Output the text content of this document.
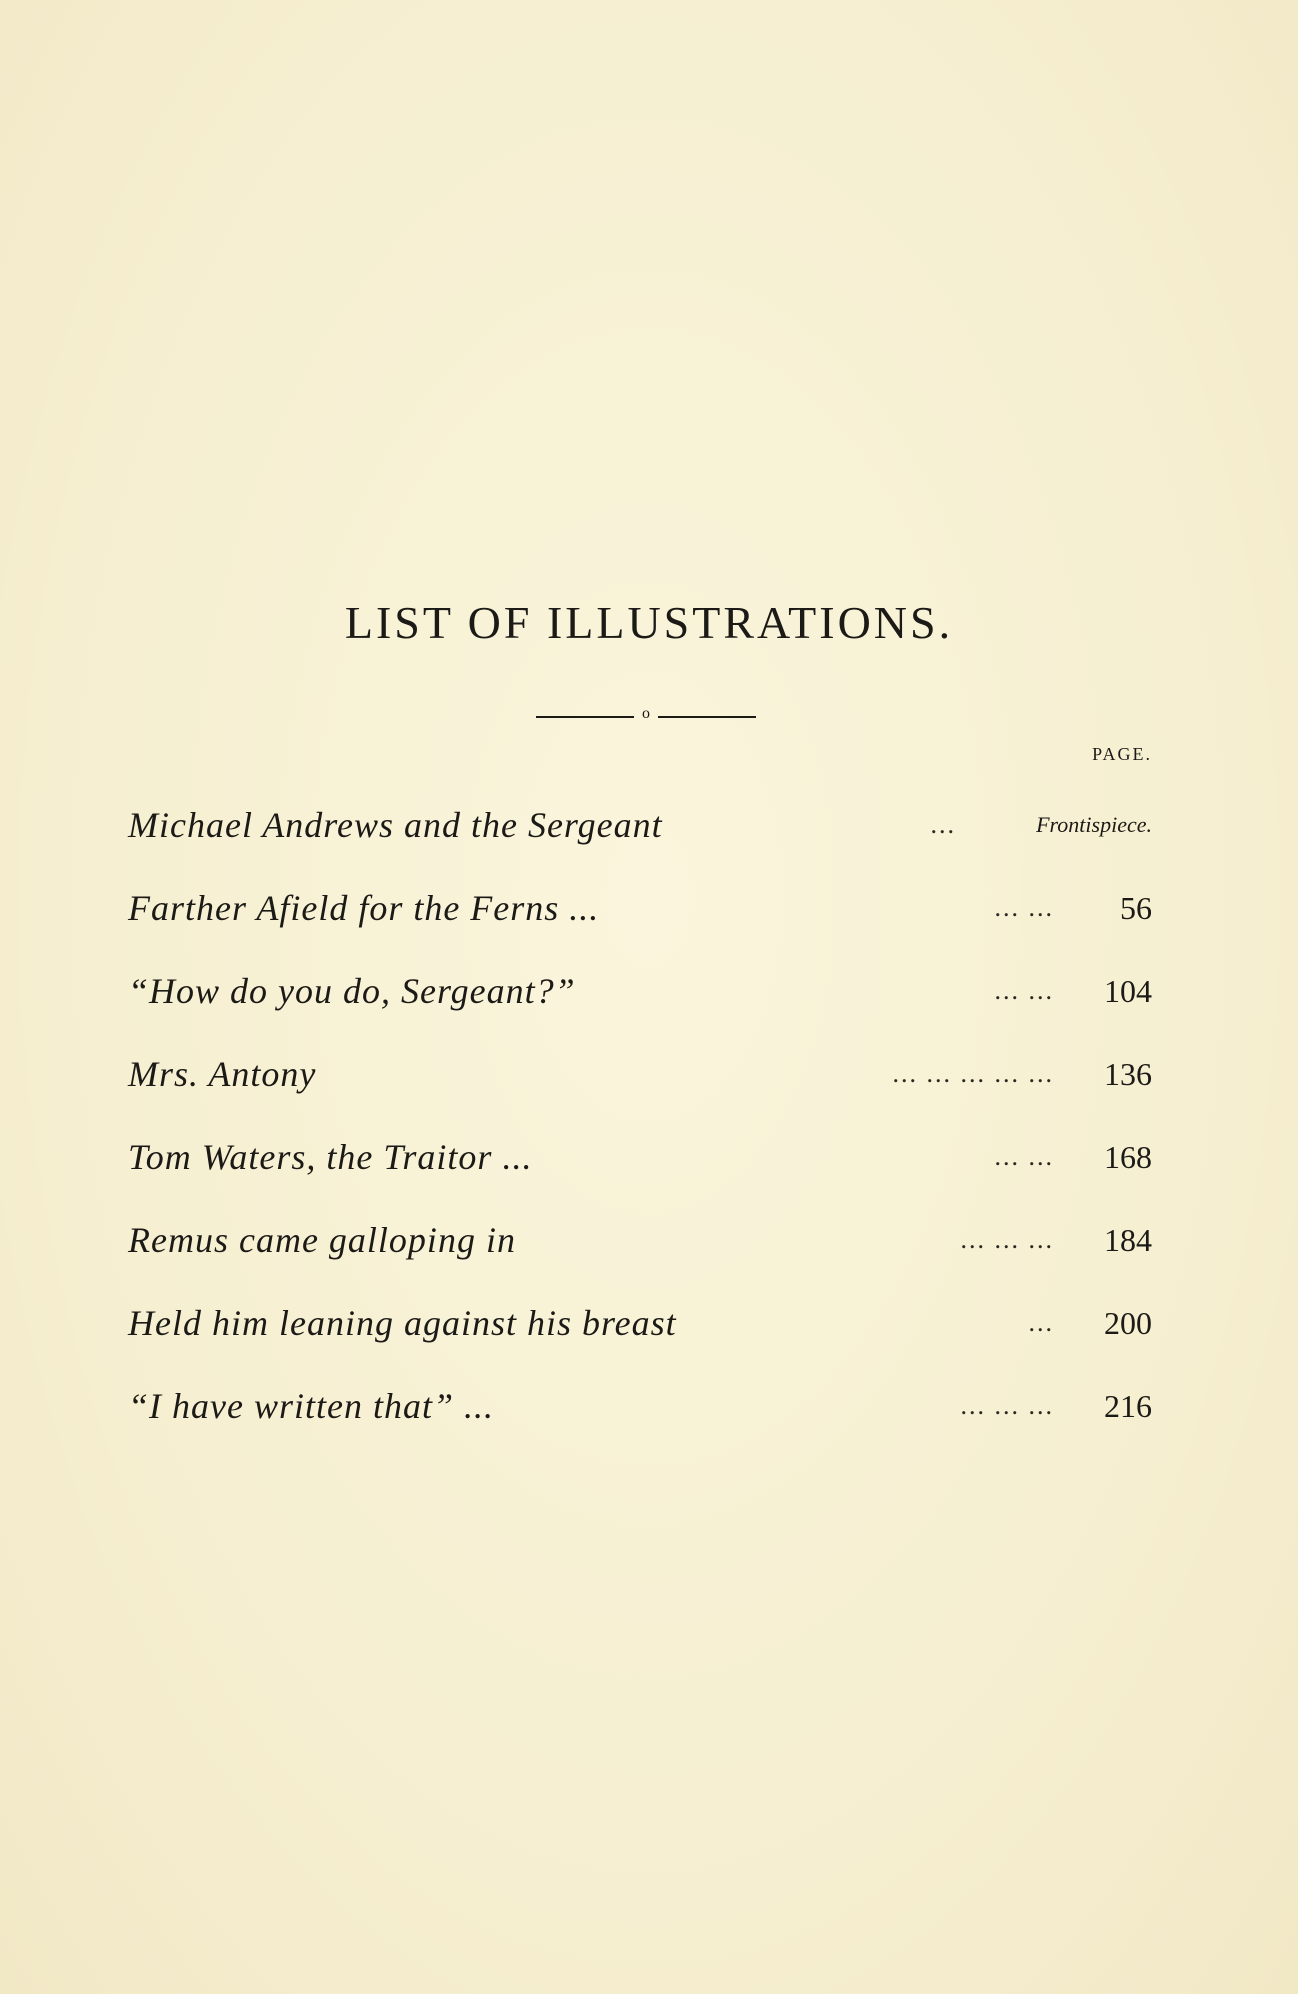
LIST OF ILLUSTRATIONS.
o
PAGE.
Michael Andrews and the Sergeant	...	Frontispiece.
Farther Afield for the Ferns ...	... ...	56
“How do you do, Sergeant?”	... ...	104
Mrs. Antony	... ... ... ... ...	136
Tom Waters, the Traitor ...	... ...	168
Remus came galloping in	... ... ...	184
Held him leaning against his breast	...	200
“I have written that” ...	... ... ...	216
